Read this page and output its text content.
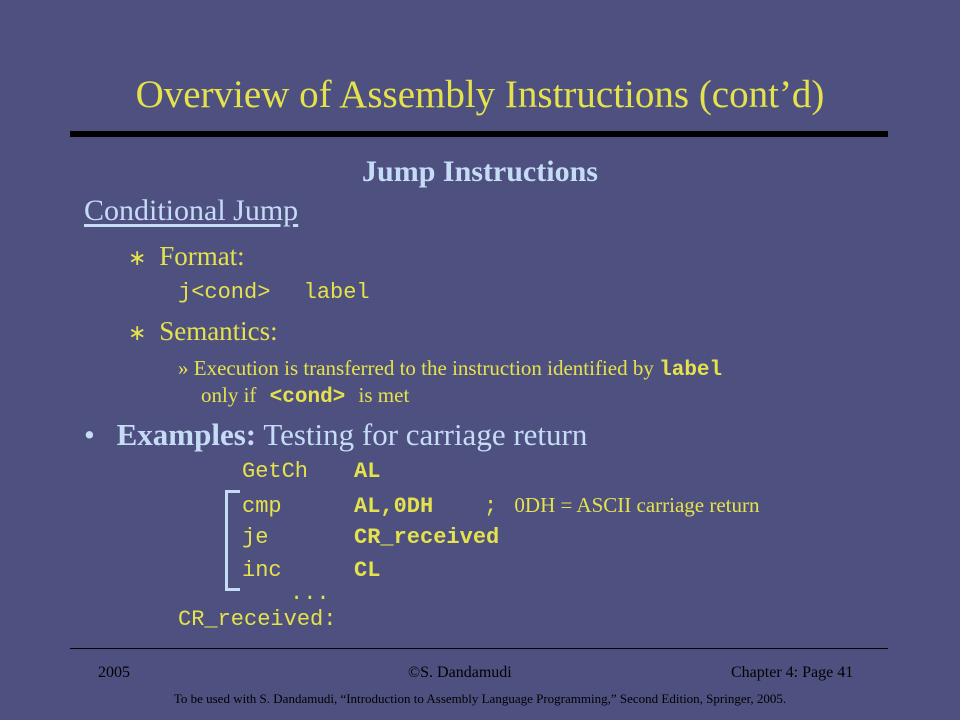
Overview of Assembly Instructions (cont’d)
Jump Instructions
Conditional Jump
∗ Format:
j<cond> label
∗ Semantics:
» Execution is transferred to the instruction identified by label
only if <cond> is met
• Examples: Testing for carriage return
GetCh AL
cmp	AL,0DH ; 0DH = ASCII carriage return
je	CR_received
inc	CL
...
CR_received:
2005	©S. Dandamudi	Chapter 4: Page 41
To be used with S. Dandamudi, “Introduction to Assembly Language Programming,” Second Edition, Springer, 2005.
